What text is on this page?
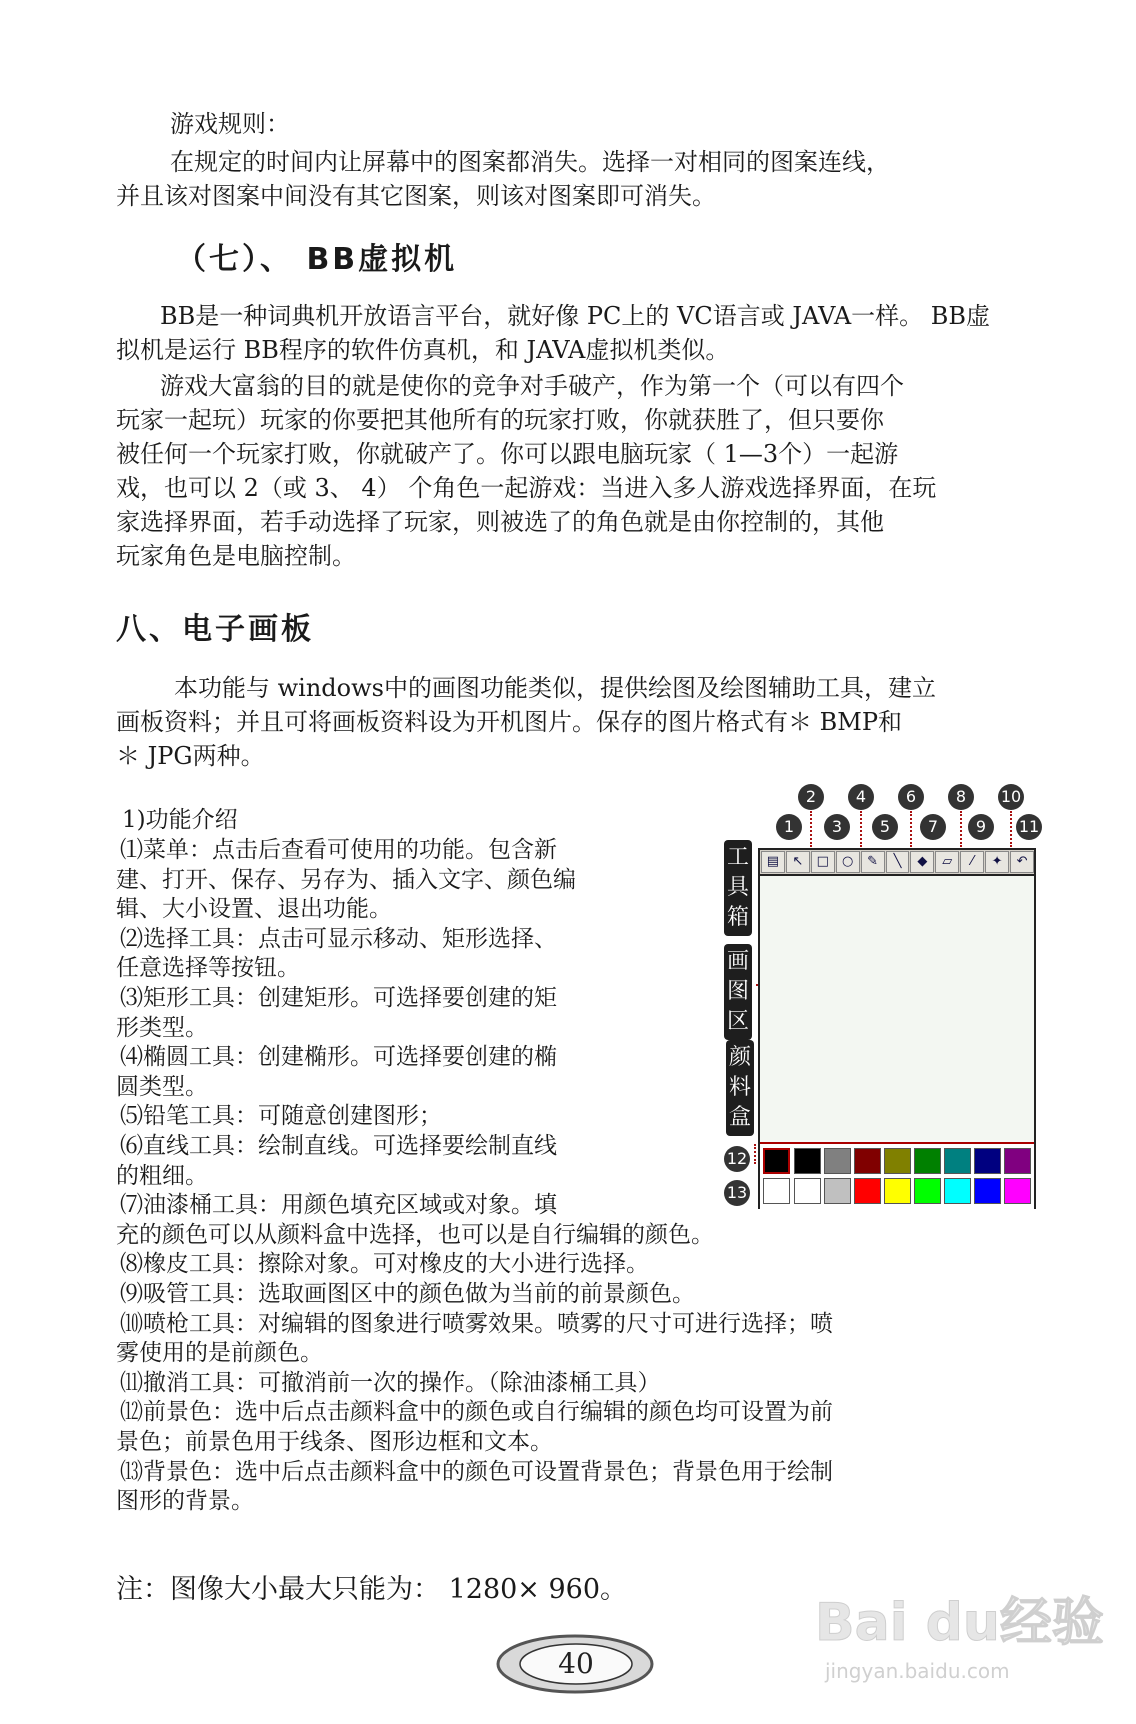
游戏规则：

在规定的时间内让屏幕中的图案都消失。选择一对相同的图案连线，

并且该对图案中间没有其它图案，则该对图案即可消失。

（七）、 BB虚拟机

BB是一种词典机开放语言平台，就好像 PC上的 VC语言或 JAVA一样。 BB虚

拟机是运行 BB程序的软件仿真机，和 JAVA虚拟机类似。

游戏大富翁的目的就是使你的竞争对手破产，作为第一个（可以有四个

玩家一起玩）玩家的你要把其他所有的玩家打败，你就获胜了，但只要你

被任何一个玩家打败，你就破产了。你可以跟电脑玩家（ 1—3个）一起游

戏，也可以 2（或 3、 4） 个角色一起游戏：当进入多人游戏选择界面，在玩

家选择界面，若手动选择了玩家，则被选了的角色就是由你控制的，其他

玩家角色是电脑控制。

八、电子画板

本功能与 windows中的画图功能类似，提供绘图及绘图辅助工具，建立

画板资料；并且可将画板资料设为开机图片。保存的图片格式有＊ BMP和

＊ JPG两种。

1)功能介绍

⑴菜单：点击后查看可使用的功能。包含新

建、打开、保存、另存为、插入文字、颜色编

辑、大小设置、退出功能。

⑵选择工具：点击可显示移动、矩形选择、

任意选择等按钮。

⑶矩形工具：创建矩形。可选择要创建的矩

形类型。

⑷椭圆工具：创建椭形。可选择要创建的椭

圆类型。

⑸铅笔工具：可随意创建图形；

⑹直线工具：绘制直线。可选择要绘制直线

的粗细。

⑺油漆桶工具：用颜色填充区域或对象。填

充的颜色可以从颜料盒中选择，也可以是自行编辑的颜色。

⑻橡皮工具：擦除对象。可对橡皮的大小进行选择。

⑼吸管工具：选取画图区中的颜色做为当前的前景颜色。

⑽喷枪工具：对编辑的图象进行喷雾效果。喷雾的尺寸可进行选择；喷

雾使用的是前颜色。

⑾撤消工具：可撤消前一次的操作。（除油漆桶工具）

⑿前景色：选中后点击颜料盒中的颜色或自行编辑的颜色均可设置为前

景色；前景色用于线条、图形边框和文本。

⒀背景色：选中后点击颜料盒中的颜色可设置背景色；背景色用于绘制

图形的背景。

注：图像大小最大只能为： 1280× 960。

2	4	6	8	10
1	3	5	7	9	11
工具箱
画图区
颜料盒
▤	↖	□	○	✎	╲	◆	▱	⁄	✦	↶
12
13
40
Bai du经验
jingyan.baidu.com
